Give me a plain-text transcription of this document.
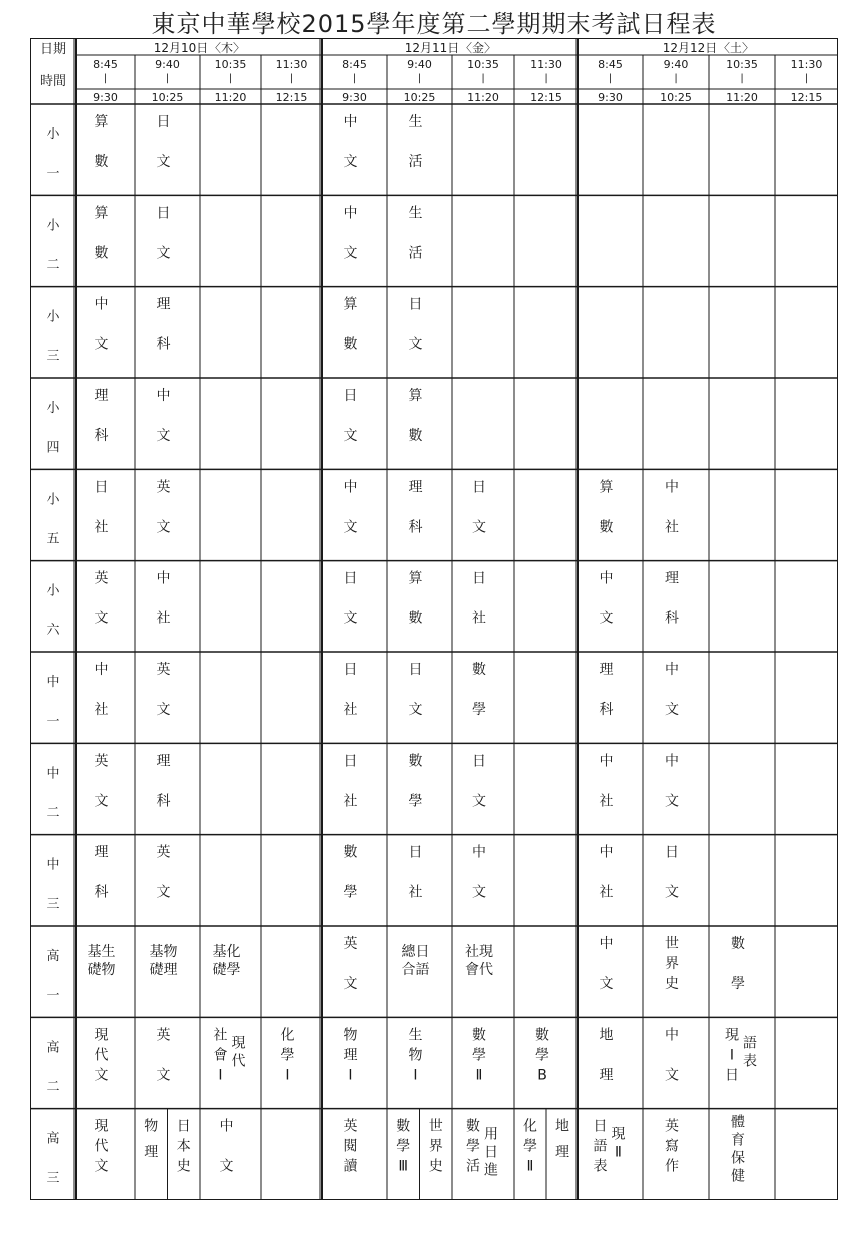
東京中華學校2015學年度第二學期期末考試日程表
日期
時間
12月10日 〈木〉
8:45
|
9:30
9:40
|
10:25
10:35
|
11:20
11:30
|
12:15
12月11日 〈金〉
8:45
|
9:30
9:40
|
10:25
10:35
|
11:20
11:30
|
12:15
12月12日 〈土〉
8:45
|
9:30
9:40
|
10:25
10:35
|
11:20
11:30
|
12:15
小
一
算
數
日
文
中
文
生
活
小
二
算
數
日
文
中
文
生
活
小
三
中
文
理
科
算
數
日
文
小
四
理
科
中
文
日
文
算
數
小
五
日
社
英
文
中
文
理
科
日
文
算
數
中
社
小
六
英
文
中
社
日
文
算
數
日
社
中
文
理
科
中
一
中
社
英
文
日
社
日
文
數
學
理
科
中
文
中
二
英
文
理
科
日
社
數
學
日
文
中
社
中
文
中
三
理
科
英
文
數
學
日
社
中
文
中
社
日
文
高
一
基生
礎物
基物
礎理
基化
礎學
英
文
總日
合語
社現
會代
中
文
世
界
史
數
學
高
二
現
代
文
英
文
社
會
Ⅰ
現
代
化
學
Ⅰ
物
理
Ⅰ
生
物
Ⅰ
數
學
Ⅱ
數
學
B
地
理
中
文
現
Ⅰ
日
語
表
高
三
現
代
文
物
理
日
本
史
中
文
英
閱
讀
數
學
Ⅲ
世
界
史
數
學
活
用
日
進
化
學
Ⅱ
地
理
日
語
表
現
Ⅱ
英
寫
作
體
育
保
健
